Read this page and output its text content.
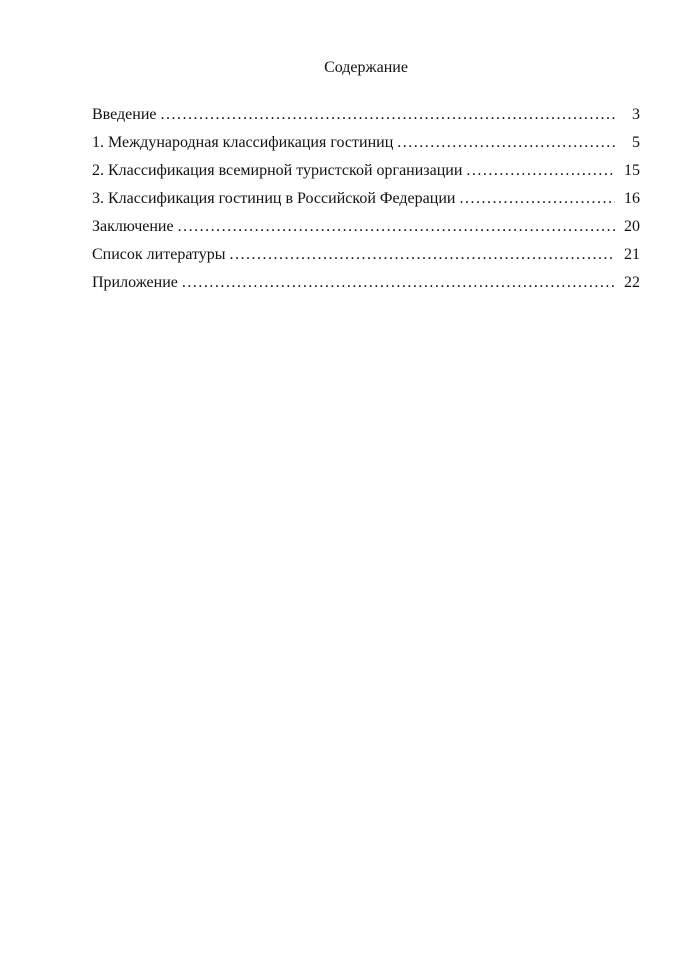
Содержание
Введение .....	3
1. Международная классификация гостиниц .....	5
2. Классификация всемирной туристской организации .....	15
3. Классификация гостиниц в Российской Федерации .....	16
Заключение .....	20
Список литературы .....	21
Приложение .....	22
